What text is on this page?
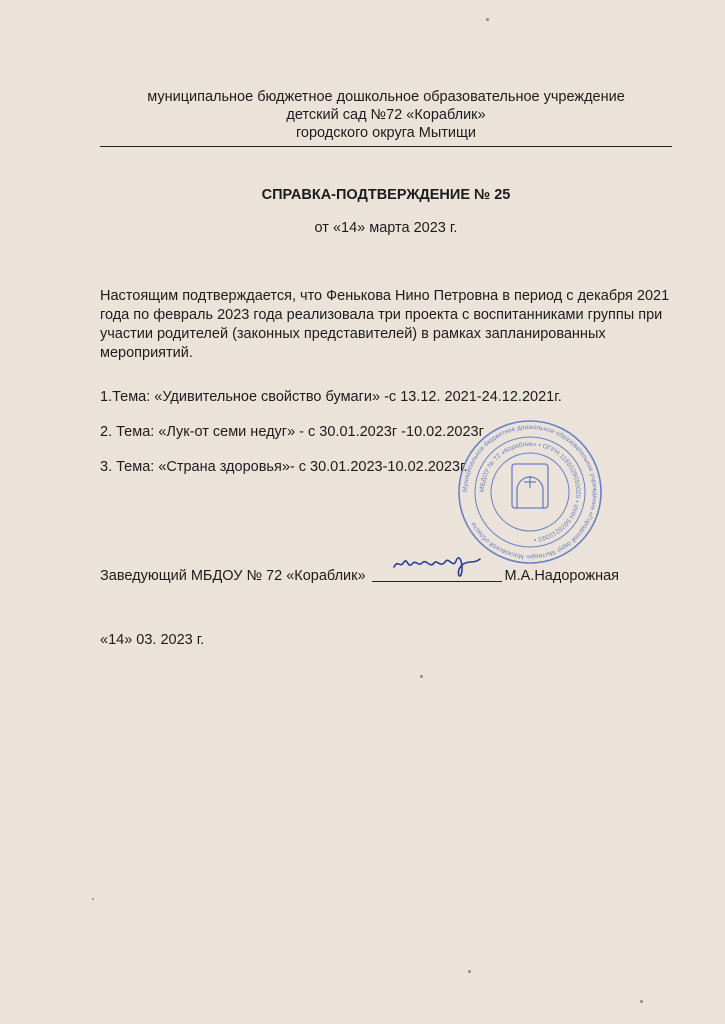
муниципальное бюджетное дошкольное образовательное учреждение
детский сад №72 «Кораблик»
городского округа Мытищи
СПРАВКА-ПОДТВЕРЖДЕНИЕ № 25
от «14» марта 2023 г.
Настоящим подтверждается, что Фенькова Нино Петровна в период с декабря 2021 года по февраль 2023 года реализовала три проекта с воспитанниками группы при участии родителей (законных представителей) в рамках запланированных мероприятий.
1.Тема: «Удивительное свойство бумаги» -с 13.12. 2021-24.12.2021г.
2. Тема: «Лук-от семи недуг» - с 30.01.2023г -10.02.2023г
3. Тема: «Страна здоровья»- с 30.01.2023-10.02.2023г.
Муниципальное бюджетное дошкольное образовательное учреждение «Городской округ Мытищи» Московской области
МБДОУ № 72 «Кораблик» • ОГРН 1165029050025 • ИНН 5029210393 •
Заведующий МБДОУ № 72 «Кораблик»	М.А.Надорожная
«14» 03. 2023 г.
